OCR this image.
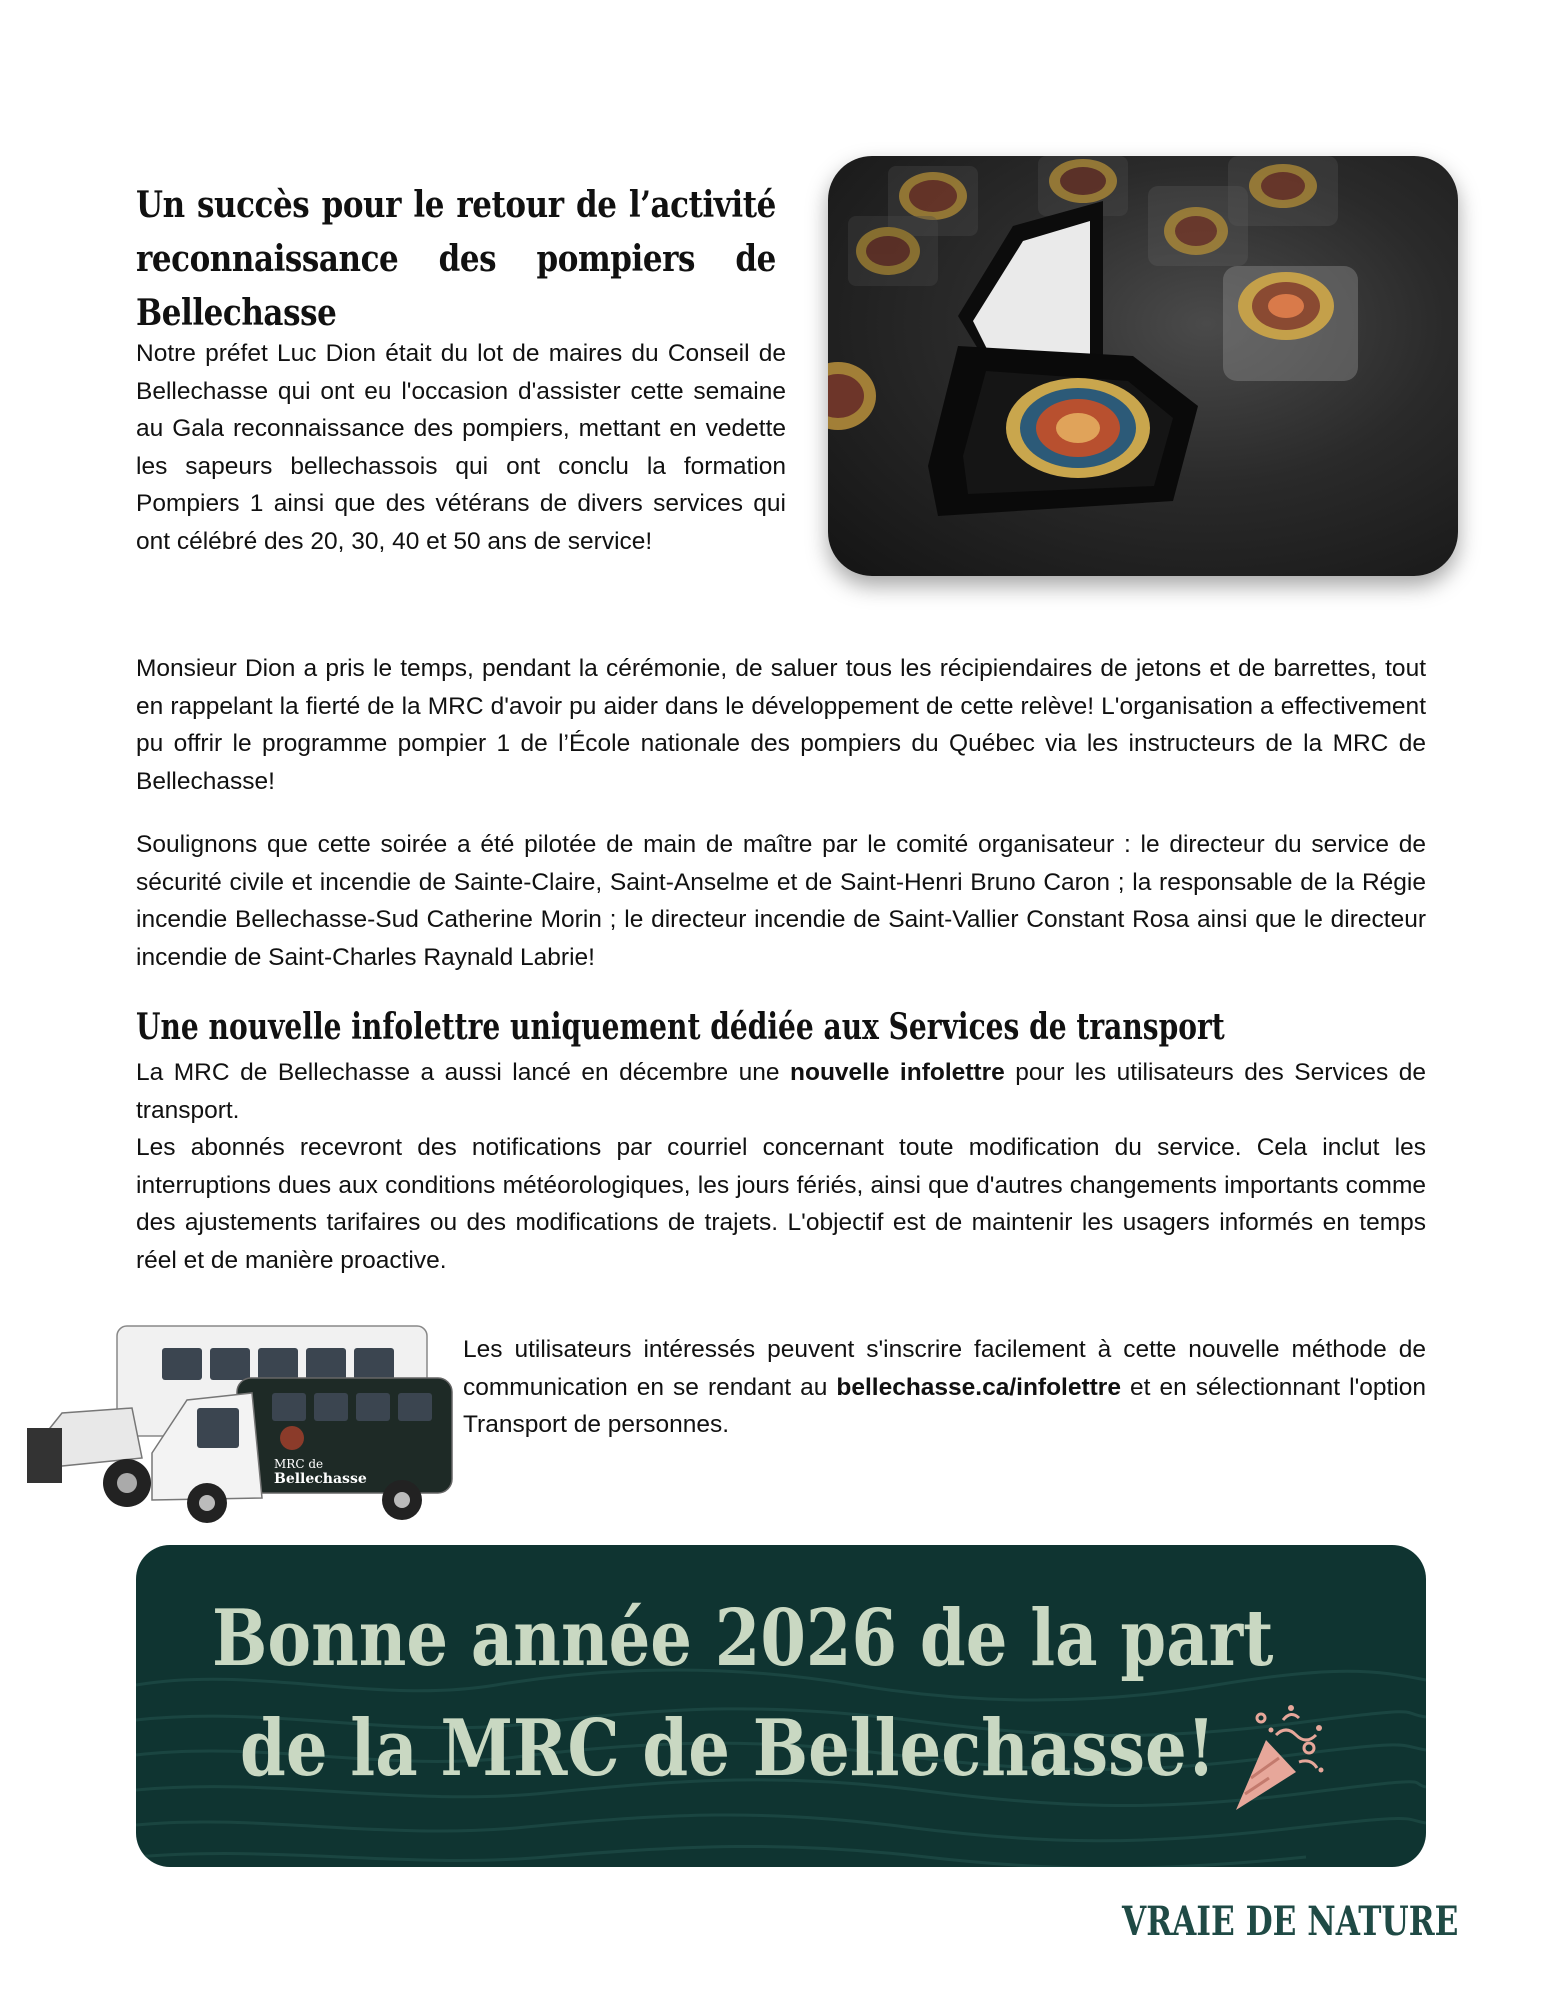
Un succès pour le retour de l’activité reconnaissance des pompiers de Bellechasse

Notre préfet Luc Dion était du lot de maires du Conseil de Bellechasse qui ont eu l'occasion d'assister cette semaine au Gala reconnaissance des pompiers, mettant en vedette les sapeurs bellechassois qui ont conclu la formation Pompiers 1 ainsi que des vétérans de divers services qui ont célébré des 20, 30, 40 et 50 ans de service!

Monsieur Dion a pris le temps, pendant la cérémonie, de saluer tous les récipiendaires de jetons et de barrettes, tout en rappelant la fierté de la MRC d'avoir pu aider dans le développement de cette relève! L'organisation a effectivement pu offrir le programme pompier 1 de l’École nationale des pompiers du Québec via les instructeurs de la MRC de Bellechasse!

Soulignons que cette soirée a été pilotée de main de maître par le comité organisateur : le directeur du service de sécurité civile et incendie de Sainte-Claire, Saint-Anselme et de Saint-Henri Bruno Caron ; la responsable de la Régie incendie Bellechasse-Sud Catherine Morin ; le directeur incendie de Saint-Vallier Constant Rosa ainsi que le directeur incendie de Saint-Charles Raynald Labrie!

Une nouvelle infolettre uniquement dédiée aux Services de transport
La MRC de Bellechasse a aussi lancé en décembre une nouvelle infolettre pour les utilisateurs des Services de transport.
Les abonnés recevront des notifications par courriel concernant toute modification du service. Cela inclut les interruptions dues aux conditions météorologiques, les jours fériés, ainsi que d'autres changements importants comme des ajustements tarifaires ou des modifications de trajets. L'objectif est de maintenir les usagers informés en temps réel et de manière proactive.
MRC de
Bellechasse
Les utilisateurs intéressés peuvent s'inscrire facilement à cette nouvelle méthode de communication en se rendant au bellechasse.ca/infolettre et en sélectionnant l'option Transport de personnes.
Bonne année 2026 de la part
de la MRC de Bellechasse!
VRAIE DE NATURE
